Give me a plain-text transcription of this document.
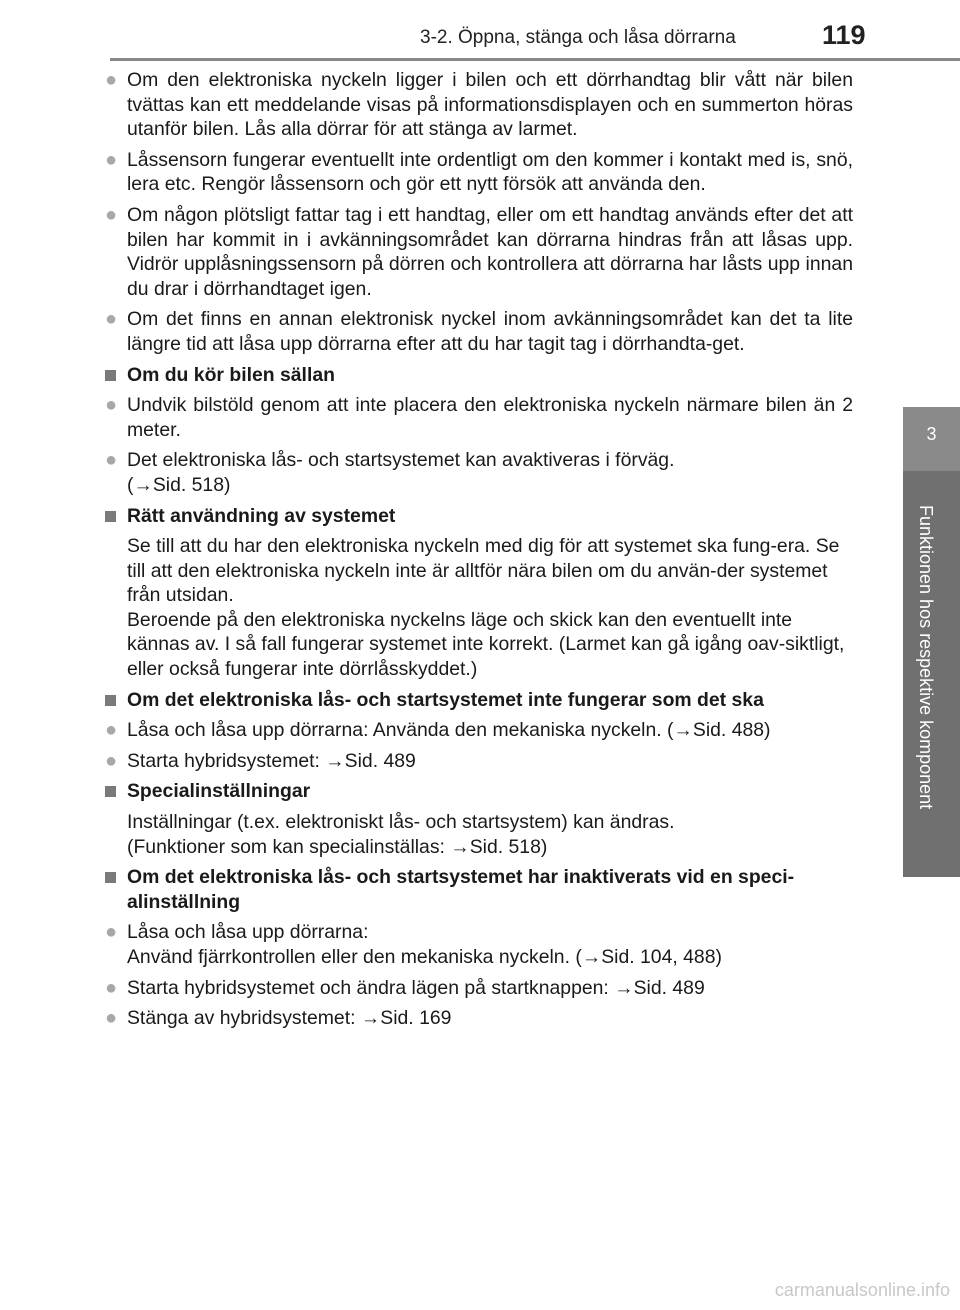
3-2. Öppna, stänga och låsa dörrarna	119
3
Funktionen hos respektive komponent
● Om den elektroniska nyckeln ligger i bilen och ett dörrhandtag blir vått när bilen tvättas kan ett meddelande visas på informationsdisplayen och en summerton höras utanför bilen. Lås alla dörrar för att stänga av larmet.
● Låssensorn fungerar eventuellt inte ordentligt om den kommer i kontakt med is, snö, lera etc. Rengör låssensorn och gör ett nytt försök att använda den.
● Om någon plötsligt fattar tag i ett handtag, eller om ett handtag används efter det att bilen har kommit in i avkänningsområdet kan dörrarna hindras från att låsas upp. Vidrör upplåsningssensorn på dörren och kontrollera att dörrarna har låsts upp innan du drar i dörrhandtaget igen.
● Om det finns en annan elektronisk nyckel inom avkänningsområdet kan det ta lite längre tid att låsa upp dörrarna efter att du har tagit tag i dörrhandta-get.
Om du kör bilen sällan
● Undvik bilstöld genom att inte placera den elektroniska nyckeln närmare bilen än 2 meter.
● Det elektroniska lås- och startsystemet kan avaktiveras i förväg.
(→Sid. 518)
Rätt användning av systemet
Se till att du har den elektroniska nyckeln med dig för att systemet ska fung-era. Se till att den elektroniska nyckeln inte är alltför nära bilen om du använ-der systemet från utsidan.
Beroende på den elektroniska nyckelns läge och skick kan den eventuellt inte kännas av. I så fall fungerar systemet inte korrekt. (Larmet kan gå igång oav-siktligt, eller också fungerar inte dörrlåsskyddet.)
Om det elektroniska lås- och startsystemet inte fungerar som det ska
● Låsa och låsa upp dörrarna: Använda den mekaniska nyckeln. (→Sid. 488)
● Starta hybridsystemet: →Sid. 489
Specialinställningar
Inställningar (t.ex. elektroniskt lås- och startsystem) kan ändras.
(Funktioner som kan specialinställas: →Sid. 518)
Om det elektroniska lås- och startsystemet har inaktiverats vid en speci-alinställning
● Låsa och låsa upp dörrarna:
Använd fjärrkontrollen eller den mekaniska nyckeln. (→Sid. 104, 488)
● Starta hybridsystemet och ändra lägen på startknappen: →Sid. 489
● Stänga av hybridsystemet: →Sid. 169
carmanualsonline.info
